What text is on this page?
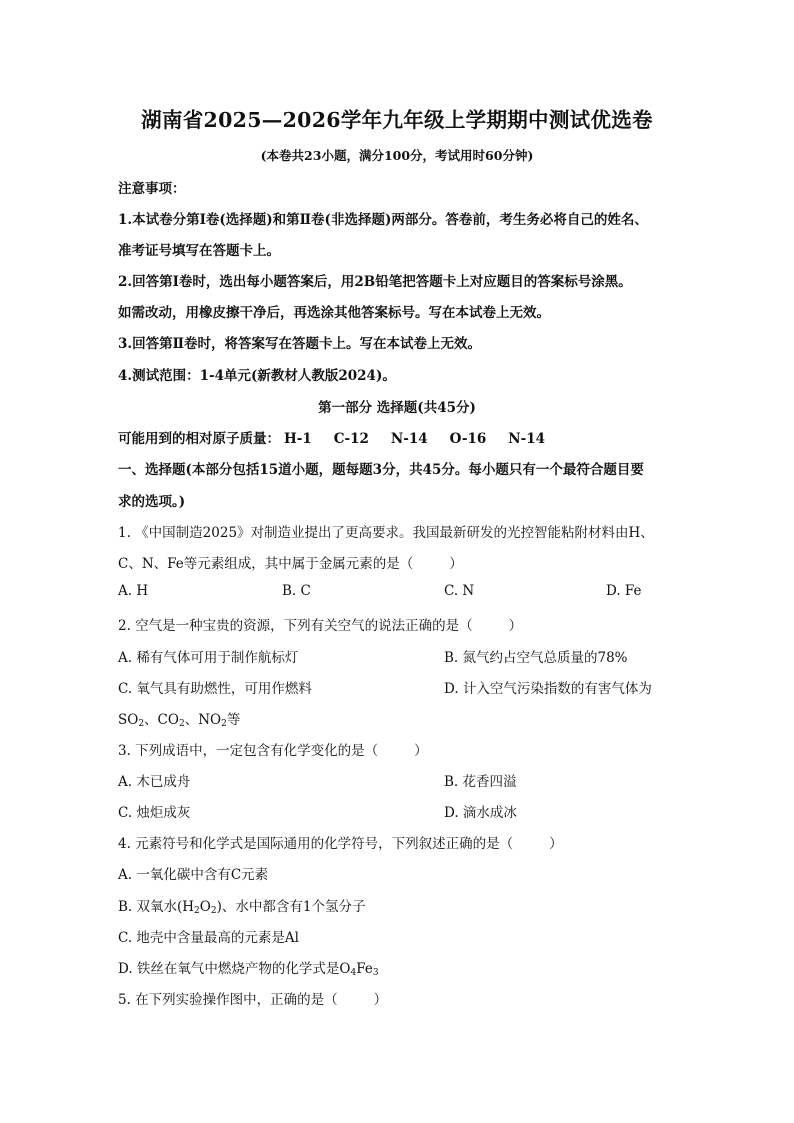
湖南省2025—2026学年九年级上学期期中测试优选卷
(本卷共23小题，满分100分，考试用时60分钟)
注意事项：
1.本试卷分第Ⅰ卷(选择题)和第Ⅱ卷(非选择题)两部分。答卷前，考生务必将自己的姓名、
准考证号填写在答题卡上。
2.回答第Ⅰ卷时，选出每小题答案后，用2B铅笔把答题卡上对应题目的答案标号涂黑。
如需改动，用橡皮擦干净后，再选涂其他答案标号。写在本试卷上无效。
3.回答第Ⅱ卷时，将答案写在答题卡上。写在本试卷上无效。
4.测试范围：1-4单元(新教材人教版2024)。
第一部分 选择题(共45分)
可能用到的相对原子质量： H-1 C-12 N-14 O-16 N-14
一、选择题(本部分包括15道小题，题每题3分，共45分。每小题只有一个最符合题目要
求的选项。)
1. 《中国制造2025》对制造业提出了更高要求。我国最新研发的光控智能粘附材料由H、
C、N、Fe等元素组成，其中属于金属元素的是（	）
A. H	B. C	C. N	D. Fe
2. 空气是一种宝贵的资源，下列有关空气的说法正确的是（	）
A. 稀有气体可用于制作航标灯	B. 氮气约占空气总质量的78%
C. 氧气具有助燃性，可用作燃料	D. 计入空气污染指数的有害气体为
$SO_2$、$CO_2$、$NO_2$等
3. 下列成语中，一定包含有化学变化的是（	）
A. 木已成舟	B. 花香四溢
C. 烛炬成灰	D. 滴水成冰
4. 元素符号和化学式是国际通用的化学符号，下列叙述正确的是（	）
A. 一氧化碳中含有C元素
B. 双氧水$(H_2O_2)$、水中都含有1个氢分子
C. 地壳中含量最高的元素是Al
D. 铁丝在氧气中燃烧产物的化学式是$O_4Fe_3$
5. 在下列实验操作图中，正确的是（	）
